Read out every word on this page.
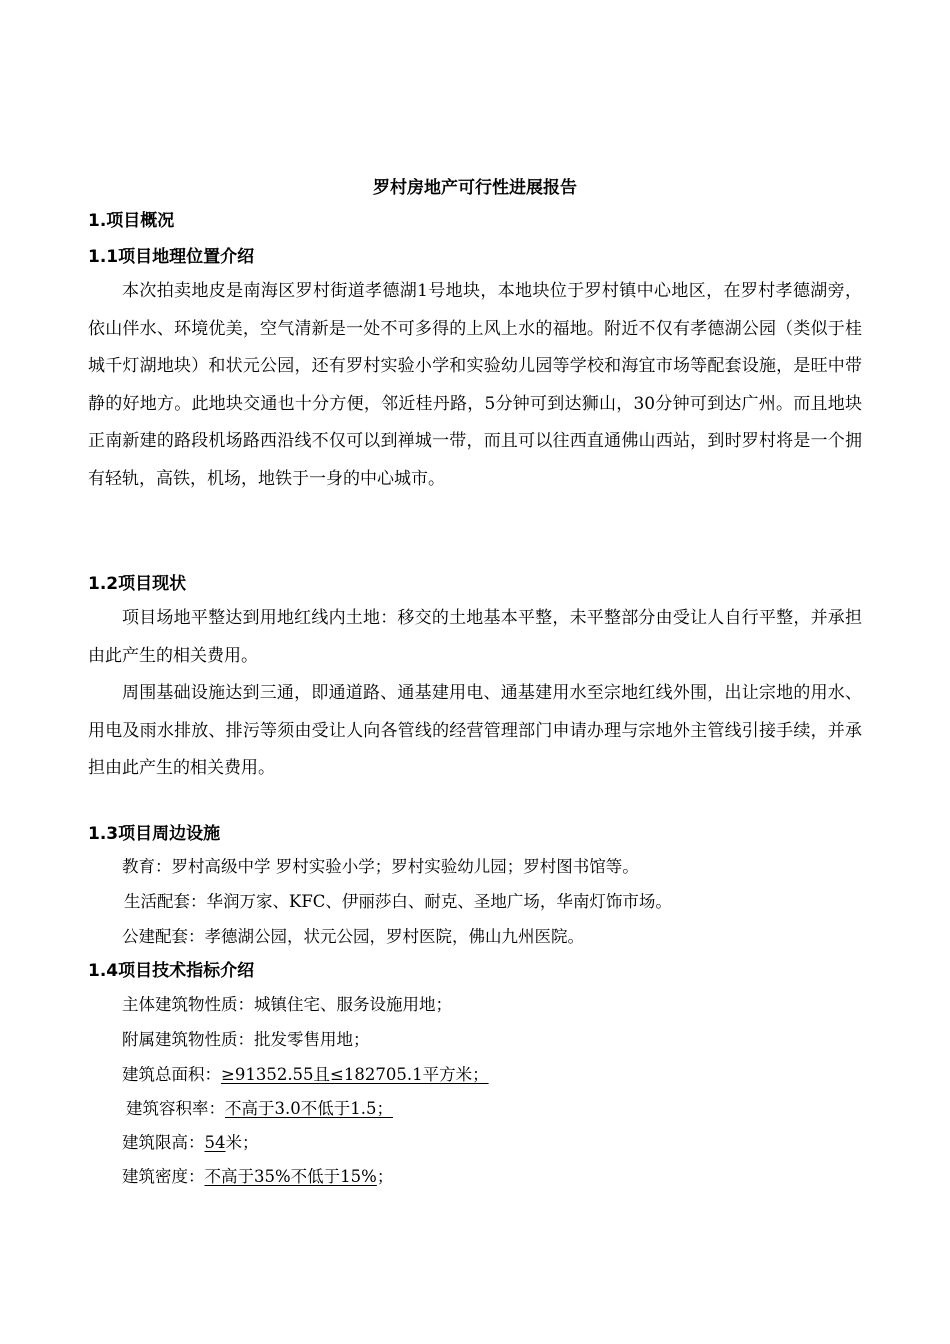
罗村房地产可行性进展报告
1.项目概况
1.1项目地理位置介绍
本次拍卖地皮是南海区罗村街道孝德湖1号地块，本地块位于罗村镇中心地区，在罗村孝德湖旁，依山伴水、环境优美，空气清新是一处不可多得的上风上水的福地。附近不仅有孝德湖公园（类似于桂城千灯湖地块）和状元公园，还有罗村实验小学和实验幼儿园等学校和海宜市场等配套设施，是旺中带静的好地方。此地块交通也十分方便，邻近桂丹路，5分钟可到达狮山，30分钟可到达广州。而且地块正南新建的路段机场路西沿线不仅可以到禅城一带，而且可以往西直通佛山西站，到时罗村将是一个拥有轻轨，高铁，机场，地铁于一身的中心城市。
1.2项目现状
项目场地平整达到用地红线内土地：移交的土地基本平整，未平整部分由受让人自行平整，并承担由此产生的相关费用。
周围基础设施达到三通，即通道路、通基建用电、通基建用水至宗地红线外围，出让宗地的用水、用电及雨水排放、排污等须由受让人向各管线的经营管理部门申请办理与宗地外主管线引接手续，并承担由此产生的相关费用。
1.3项目周边设施
教育：罗村高级中学 罗村实验小学；罗村实验幼儿园；罗村图书馆等。
生活配套：华润万家、KFC、伊丽莎白、耐克、圣地广场，华南灯饰市场。
公建配套：孝德湖公园，状元公园，罗村医院，佛山九州医院。
1.4项目技术指标介绍
主体建筑物性质：城镇住宅、服务设施用地；
附属建筑物性质：批发零售用地；
建筑总面积：≥91352.55且≤182705.1平方米；
建筑容积率：不高于3.0不低于1.5；
建筑限高：54米；
建筑密度：不高于35%不低于15%；
